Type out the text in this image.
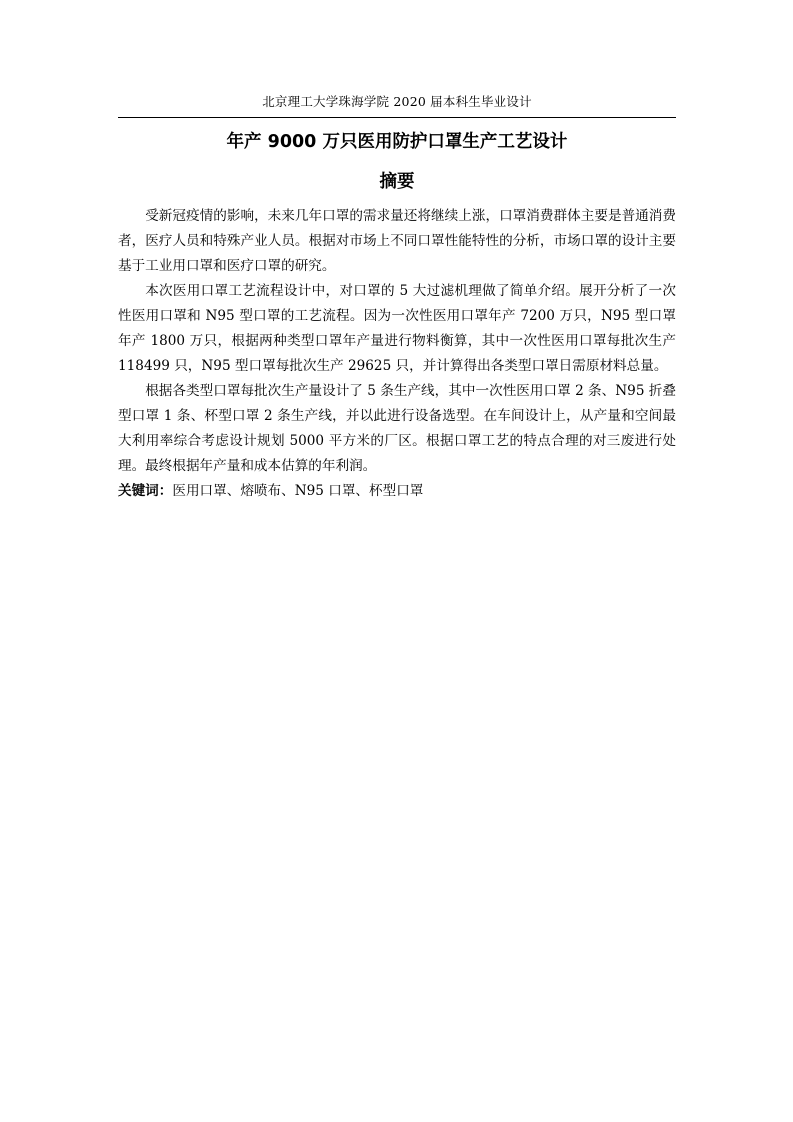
北京理工大学珠海学院 2020 届本科生毕业设计
年产 9000 万只医用防护口罩生产工艺设计
摘要

受新冠疫情的影响，未来几年口罩的需求量还将继续上涨，口罩消费群体主要是普通消费者，医疗人员和特殊产业人员。根据对市场上不同口罩性能特性的分析，市场口罩的设计主要基于工业用口罩和医疗口罩的研究。

本次医用口罩工艺流程设计中，对口罩的 5 大过滤机理做了简单介绍。展开分析了一次性医用口罩和 N95 型口罩的工艺流程。因为一次性医用口罩年产 7200 万只，N95 型口罩年产 1800 万只，根据两种类型口罩年产量进行物料衡算，其中一次性医用口罩每批次生产 118499 只，N95 型口罩每批次生产 29625 只，并计算得出各类型口罩日需原材料总量。

根据各类型口罩每批次生产量设计了 5 条生产线，其中一次性医用口罩 2 条、N95 折叠型口罩 1 条、杯型口罩 2 条生产线，并以此进行设备选型。在车间设计上，从产量和空间最大利用率综合考虑设计规划 5000 平方米的厂区。根据口罩工艺的特点合理的对三废进行处理。最终根据年产量和成本估算的年利润。

关键词：医用口罩、熔喷布、N95 口罩、杯型口罩
